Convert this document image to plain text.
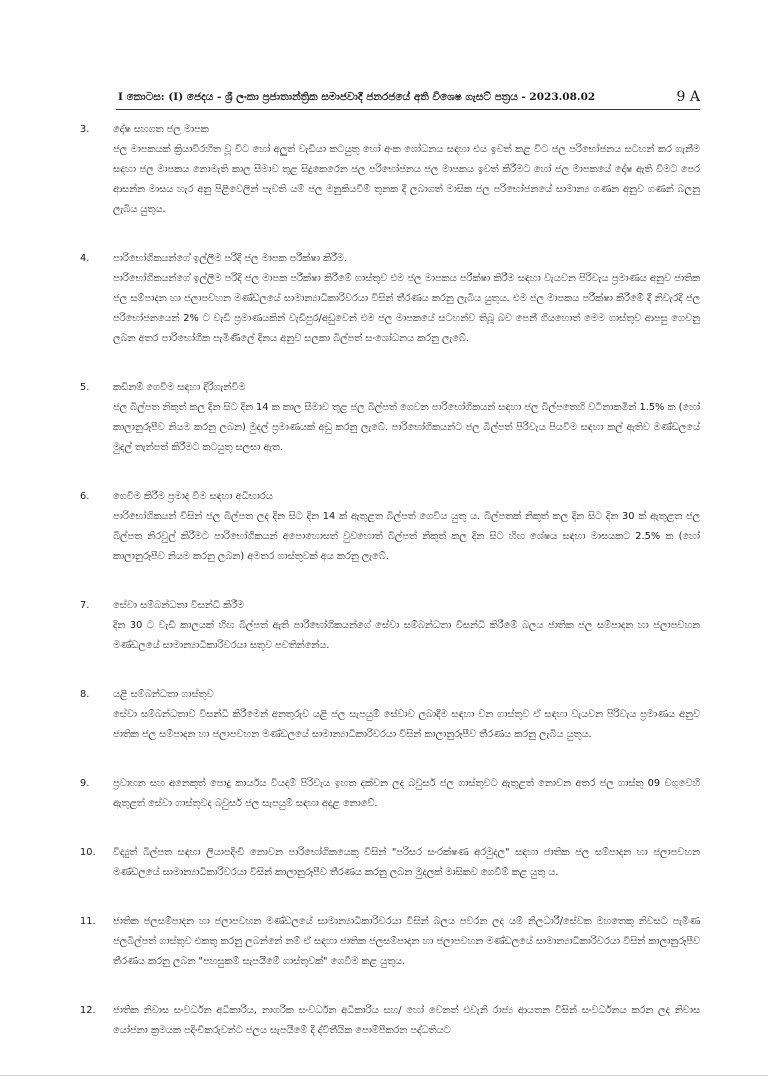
I කොටස: (I) ජෙදය - ශ්‍රී ලංකා ප්‍රජාතාන්ත්‍රික සමාජවාදී ජනරජයේ අති විශෙෂ ගැසට් පත්‍රය - 2023.08.02	9 A
3. දෝෂ සහගත ජල මාපක
ජල මාපකයක් ක්‍රියාවිරහිත වූ විට හෝ අලුත් වැඩියා කටයුතු හෝ අංක ශෝධනය සඳහා එය ඉවත් කළ විට ජල පරිභෝජනය සටහන් කර ගැනීම සඳහා ජල මාපකය නොමැති කාල සීමාව තුළ සිදුකෙරෙන ජල පරිභෝජනය ජල මාපකය ඉවත් කිරීමට හෝ ජල මාපකයේ දෝෂ ඇති වීමට පෙර ආසන්න මාසය හැර අනු පිළිවෙලින් පැවති යම් ජල මනුකියවීම් තුනක දී ලබාගත් මාසික ජල පරිභෝජනයේ සාමාන්‍ය ගණන අනුව ගණන් බලනු ලැබිය යුතුය.
4. පාරිභෝගිකයන්ගේ ඉල්ලීම පරිදි ජල මාපක පරීක්ෂා කිරීම.
පාරිභෝගිකයන්ගේ ඉල්ලීම පරිදි ජල මාපක පරීක්ෂා කිරීමේ ගාස්තුව එම ජල මාපකය පරීක්ෂා කිරීම සඳහා වැයවන පිරිවැය ප්‍රමාණය අනුව ජාතික ජල සම්පාදන හා ජලාපවහන මණ්ඩලයේ සාමාන්‍යාධිකාරිවරයා විසින් තීරණය කරනු ලැබිය යුතුය. එම ජල මාපකය පරීක්ෂා කිරීමේ දී නිවැරදි ජල පරිභෝජනයෙන් 2% ට වැඩි ප්‍රමාණයකින් වැඩිපුර/අඩුවෙන් එම ජල මාපකයේ සටහන්ව තිබූ බව පෙනී ගියහොත් මෙම ගාස්තුව ආපසු ගෙවනු ලබන අතර පාරිභෝගික පැමිණිලේ දිනය අනුව සලකා බිල්පත් සංශෝධනය කරනු ලැබේ.
5. කඩිනම් ගෙවීම සඳහා දිරිගැන්වීම
ජල බිල්පත නිකුත් කල දින සිට දින 14 ක කාල සීමාව තුළ ජල බිල්පත් ගෙවන පාරිභෝගිකයන් සඳහා ජල බිල්පතෙහි වටිනාකමින් 1.5% ක (හෝ කාලානුරූපීව නියම කරනු ලබන) මුදල් ප්‍රමාණයක් අඩු කරනු ලැබේ. පාරිභෝගිකයන්ට ජල බිල්පත් පිරිවැය පියවීම සඳහා කල් ඇතිව මණ්ඩලයේ මුදල් තැන්පත් කිරීමට කටයුතු සලසා ඇත.
6. ගෙවීම කිරීම ප්‍රමාද වීම සඳහා අධිභාරය
පාරිභෝගිකයන් විසින් ජල බිල්පත ලද දින සිට දින 14 ක් ඇතුළත බිල්පත් ගෙවිය යුතු ය. බිල්පතක් නිකුත් කල දින සිට දින 30 ක් ඇතුළත ජල බිල්පත නිරවුල් කිරීමට පාරිභෝගිකයන් අපොහොසත් වුවහොත් බිල්පත් නිකුත් කල දින සිට හිඟ ශේෂය සඳහා මාසයකට 2.5% ක (හෝ කාලානුරූපීව නියම කරනු ලබන) අමතර ගාස්තුවක් අය කරනු ලැබේ.
7. සේවා සම්බන්ධතා විසන්ධි කිරීම
දින 30 ට වැඩි කාලයක් හිඟ බිල්පත් ඇති පාරිභෝගිකයන්ගේ සේවා සම්බන්ධතා විසන්ධි කිරීමේ බලය ජාතික ජල සම්පාදන හා ජලාපවහන මණ්ඩලයේ සාමාන්‍යාධිකාරිවරයා සතුව පවතින්නේය.
8. යළි සම්බන්ධතා ගාස්තුව
සේවා සම්බන්ධතාව විසන්ධි කිරීමෙන් අනතුරුව යළි ජල සැපයුම් සේවාව ලබාදීම සඳහා වන ගාස්තුව ඒ සඳහා වැයවන පිරිවැය ප්‍රමාණය අනුව ජාතික ජල සම්පාදන හා ජලාපවහන මණ්ඩලයේ සාමාන්‍යාධිකාරිවරයා විසින් කාලානුරූපීව තීරණය කරනු ලැබිය යුතුය.
9. ප්‍රවාහන සහ අනෙකුත් පොදු කාර්යය වියදම් පිරිවැය ඉහත දක්වන ලද බවුසර් ජල ගාස්තුවට ඇතුළත් නොවන අතර ජල ගාස්තු 09 වගුවෙහි ඇතුළත් සේවා ගාස්තුවද බවුසර් ජල සැපයුම් සඳහා අදාළ නොවේ.
10. විද්‍යුත් බිල්පත සඳහා ලියාපදිංචි නොවන පාරිභෝගිකයෙකු විසින් "පරිසර සංරක්ෂණ අරමුදල" සඳහා ජාතික ජල සම්පාදන හා ජලාපවහන මණ්ඩලයේ සාමාන්‍යාධිකාරිවරයා විසින් කාලානුරූපීව තීරණය කරනු ලබන මුදලක් මාසිකව ගෙවීම් කළ යුතු ය.
11. ජාතික ජලසම්පාදන හා ජලාපවහන මණ්ඩලයේ සාමාන්‍යාධිකාරිවරයා විසින් බලය පවරන ලද යම් නිලධාරී/සේවක මහතෙකු නිවසට පැමිණ ජලබිල්පත් ගාස්තුව එකතු කරනු ලබන්නේ නම් ඒ සඳහා ජාතික ජලසම්පාදන හා ජලාපවහන මණ්ඩලයේ සාමාන්‍යාධිකාරිවරයා විසින් කාලානුරූපීව තීරණය කරනු ලබන "පහසුකම් සැපයීමේ ගාස්තුවක්" ගෙවීම කළ යුතුය.
12. ජාතික නිවාස සංවර්ධන අධිකාරිය, නාගරික සංවර්ධන අධිකාරිය සහ/ හෝ වෙනත් එවැනි රාජ්‍ය ආයතන විසින් සංවර්ධනය කරන ලද නිවාස යෝජනා ක්‍රමයක පදිංචිකරුවන්ට ජලය සැපයීමේ දී ද්විතීයික පොම්පීකරන පද්ධතියට
